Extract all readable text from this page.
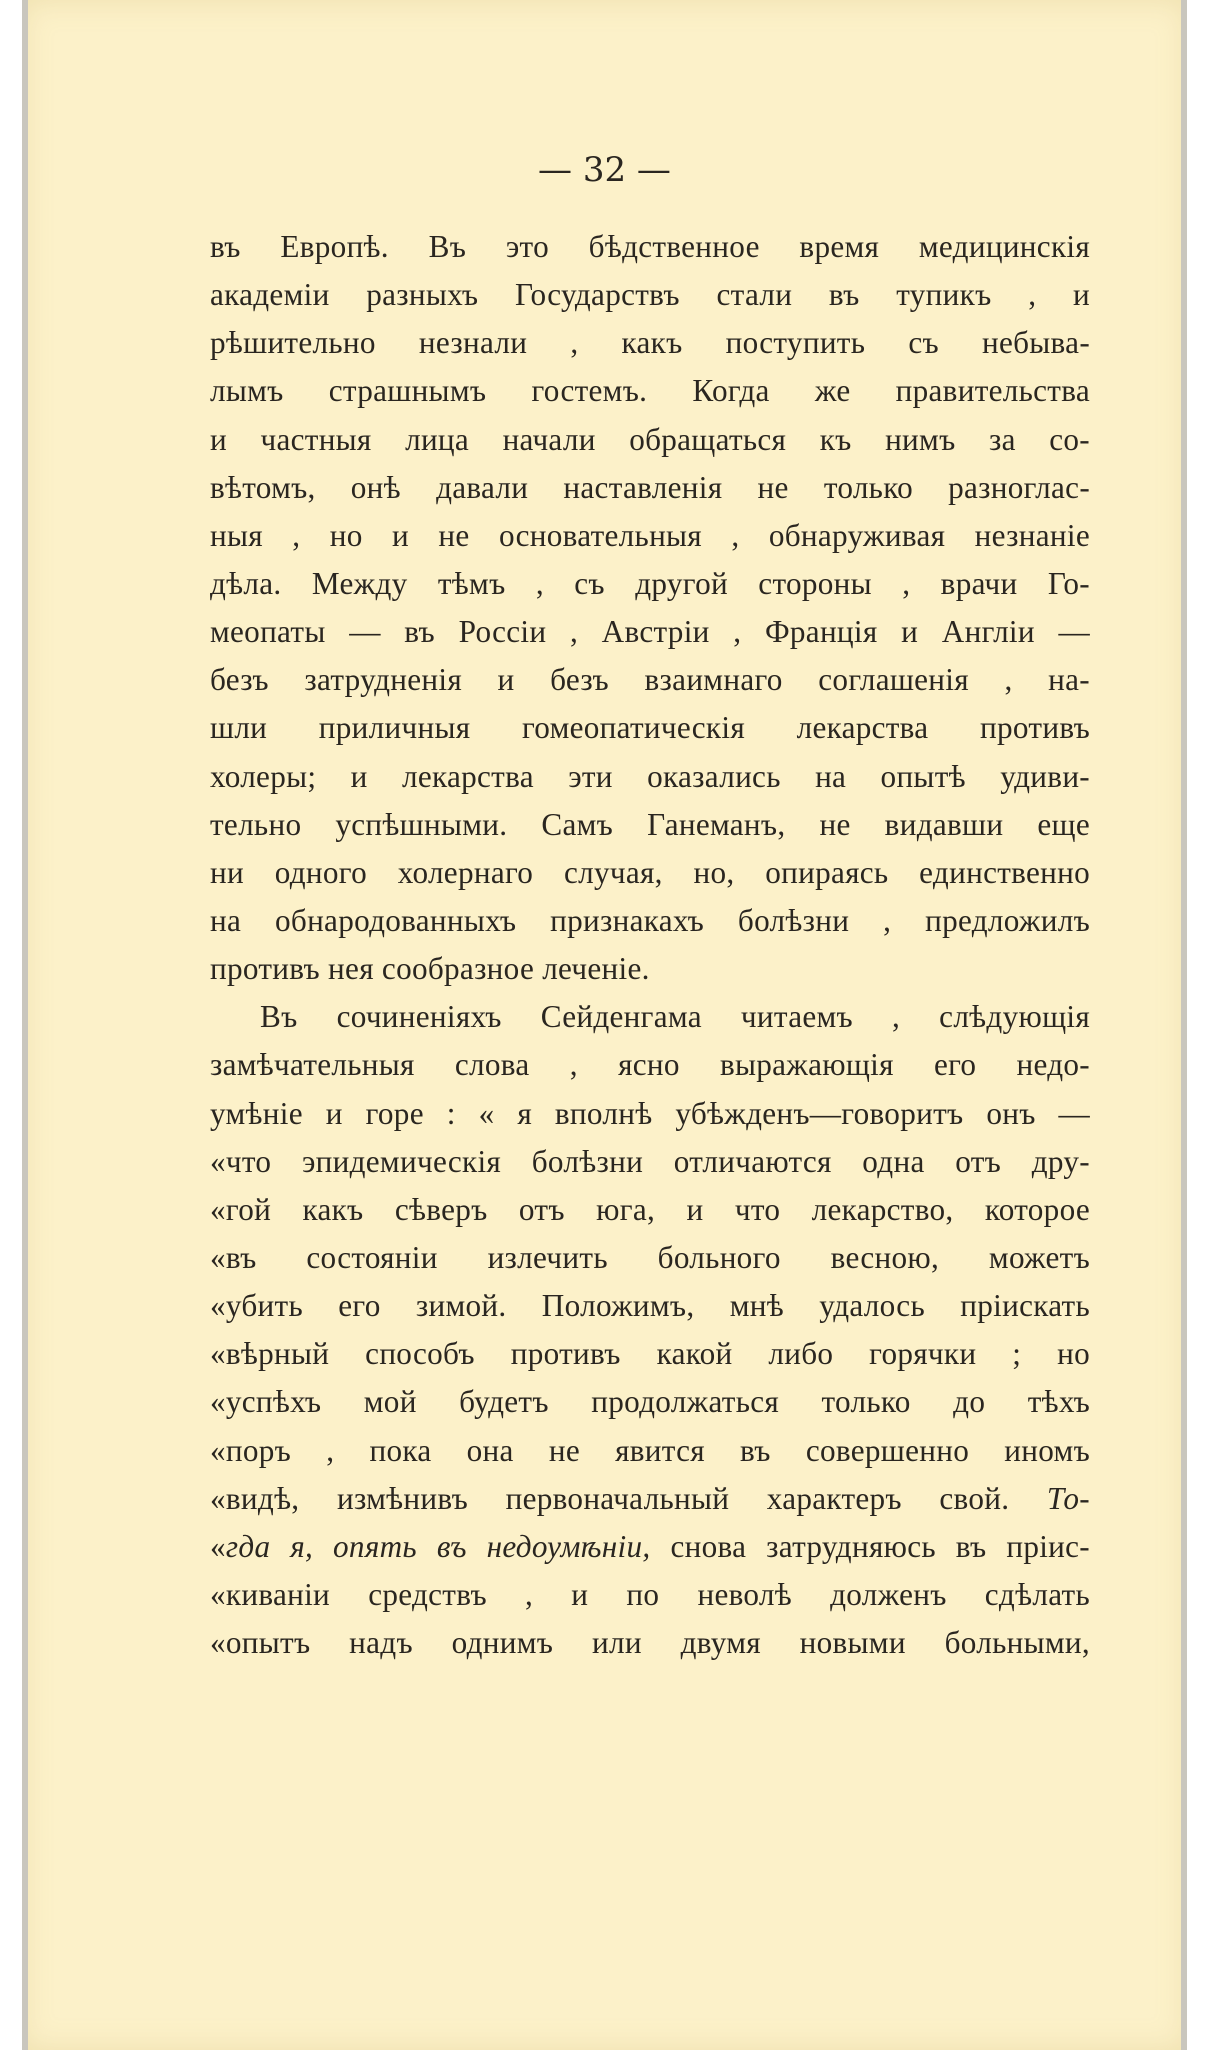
— 32 —
въ Европѣ. Въ это бѣдственное время медицинскія
академіи разныхъ Государствъ стали въ тупикъ , и
рѣшительно незнали , какъ поступить съ небыва-
лымъ страшнымъ гостемъ. Когда же правительства
и частныя лица начали обращаться къ нимъ за со-
вѣтомъ, онѣ давали наставленія не только разноглас-
ныя , но и не основательныя , обнаруживая незнаніе
дѣла. Между тѣмъ , съ другой стороны , врачи Го-
меопаты — въ Россіи , Австріи , Франція и Англіи —
безъ затрудненія и безъ взаимнаго соглашенія , на-
шли приличныя гомеопатическія лекарства противъ
холеры; и лекарства эти оказались на опытѣ удиви-
тельно успѣшными. Самъ Ганеманъ, не видавши еще
ни одного холернаго случая, но, опираясь единственно
на обнародованныхъ признакахъ болѣзни , предложилъ
противъ нея сообразное леченіе.
Въ сочиненіяхъ Сейденгама читаемъ , слѣдующія
замѣчательныя слова , ясно выражающія его недо-
умѣніе и горе : « я вполнѣ убѣжденъ—говоритъ онъ —
«что эпидемическія болѣзни отличаются одна отъ дру-
«гой какъ сѣверъ отъ юга, и что лекарство, которое
«въ состояніи излечить больного весною, можетъ
«убить его зимой. Положимъ, мнѣ удалось пріискать
«вѣрный способъ противъ какой либо горячки ; но
«успѣхъ мой будетъ продолжаться только до тѣхъ
«поръ , пока она не явится въ совершенно иномъ
«видѣ, измѣнивъ первоначальный характеръ свой. То-
«гда я, опять въ недоумѣніи, снова затрудняюсь въ пріис-
«киваніи средствъ , и по неволѣ долженъ сдѣлать
«опытъ надъ однимъ или двумя новыми больными,
